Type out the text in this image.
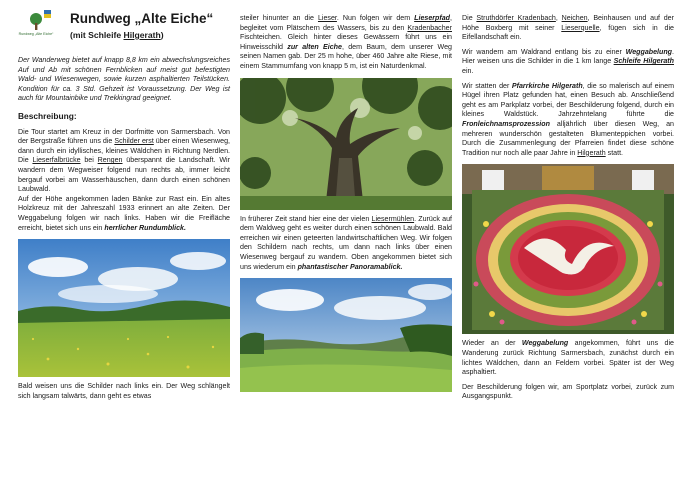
Rundweg „Alte Eiche“
Rundweg „Alte Eiche“
(mit Schleife Hilgerath)

Der Wanderweg bietet auf knapp 8,8 km ein abwechslungsreiches Auf und Ab mit schönen Fernblicken auf meist gut befestigten Wald- und Wiesenwegen, sowie kurzen asphaltierten Teilstücken. Kondition für ca. 3 Std. Gehzeit ist Voraussetzung. Der Weg ist auch für Mountainbike und Trekkingrad geeignet.

Beschreibung:

Die Tour startet am Kreuz in der Dorfmitte von Sarmersbach. Von der Bergstraße führen uns die Schilder erst über einen Wiesenweg, dann durch ein idyllisches, kleines Wäldchen in Richtung Nerdlen. Die Lieserfalbrücke bei Rengen überspannt die Landschaft. Wir wandern dem Wegweiser folgend nun rechts ab, immer leicht bergauf vorbei am Wasserhäuschen, dann durch einen schönen Laubwald.

Auf der Höhe angekommen laden Bänke zur Rast ein. Ein altes Holzkreuz mit der Jahreszahl 1933 erinnert an alte Zeiten. Der Weggabelung folgen wir nach links. Haben wir die Freifläche erreicht, bietet sich uns ein herrlicher Rundumblick.

Bald weisen uns die Schilder nach links ein. Der Weg schlängelt sich langsam talwärts, dann geht es etwas

steiler hinunter an die Lieser. Nun folgen wir dem Lieserpfad, begleitet vom Plätschern des Wassers, bis zu den Kradenbacher Fischteichen. Gleich hinter dieses Gewässern führt uns ein Hinweisschild zur alten Eiche, dem Baum, dem unserer Weg seinen Namen gab. Der 25 m hohe, über 460 Jahre alte Riese, mit einem Stammumfang von knapp 5 m, ist ein Naturdenkmal.

In früherer Zeit stand hier eine der vielen Liesermühlen. Zurück auf dem Waldweg geht es weiter durch einen schönen Laubwald. Bald erreichen wir einen geteerten landwirtschaftlichen Weg. Wir folgen den Schildern nach rechts, um dann nach links über einen Wiesenweg bergauf zu wandern. Oben angekommen bietet sich uns wiederum ein phantastischer Panoramablick.

Die Struthdörfer Kradenbach, Neichen, Beinhausen und auf der Höhe Boxberg mit seiner Lieserquelle, fügen sich in die Eifellandschaft ein.

Wir wandern am Waldrand entlang bis zu einer Weggabelung. Hier weisen uns die Schilder in die 1 km lange Schleife Hilgerath ein.

Wir statten der Pfarrkirche Hilgerath, die so malerisch auf einem Hügel ihren Platz gefunden hat, einen Besuch ab. Anschließend geht es am Parkplatz vorbei, der Beschilderung folgend, durch ein kleines Waldstück. Jahrzehntelang führte die Fronleichnamsprozession alljährlich über diesen Weg, an mehreren wunderschön gestalteten Blumenteppichen vorbei. Durch die Zusammenlegung der Pfarreien findet diese schöne Tradition nur noch alle paar Jahre in Hilgerath statt.

Wieder an der Weggabelung angekommen, führt uns die Wanderung zurück Richtung Sarmersbach, zunächst durch ein lichtes Wäldchen, dann an Feldern vorbei. Später ist der Weg asphaltiert.

Der Beschilderung folgen wir, am Sportplatz vorbei, zurück zum Ausgangspunkt.
